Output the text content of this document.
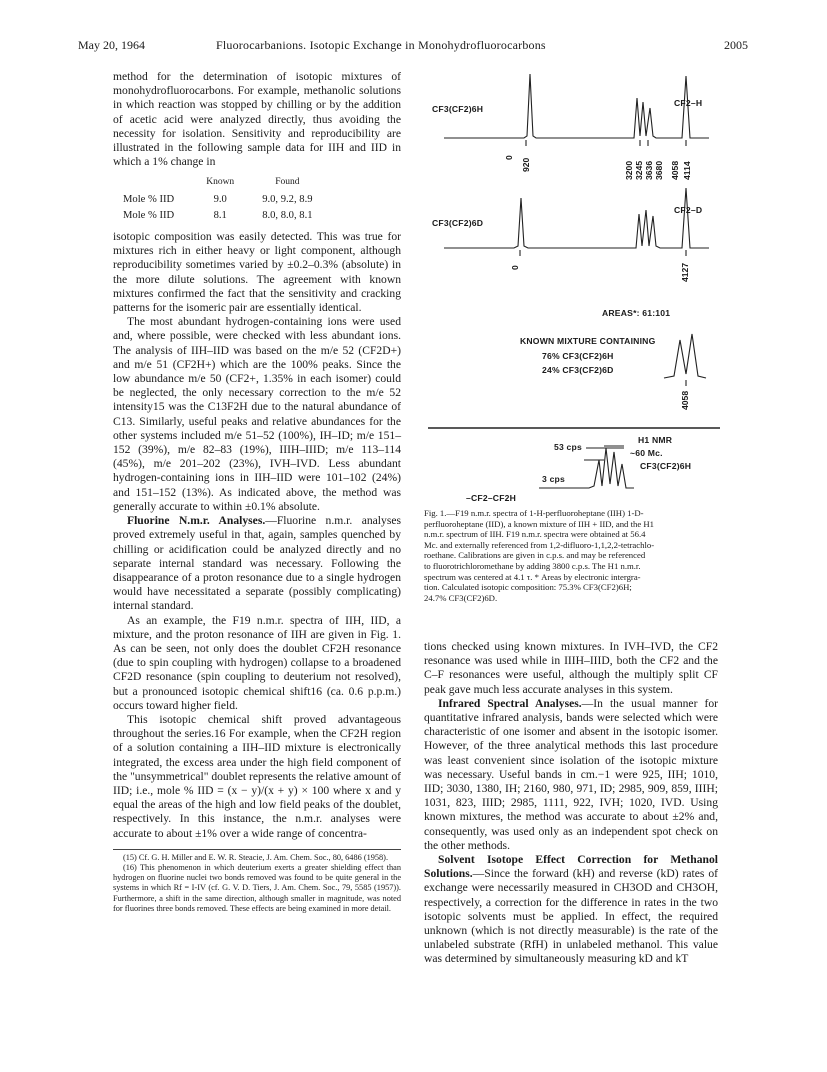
May 20, 1964	Fluorocarbanions. Isotopic Exchange in Monohydrofluorocarbons	2005

method for the determination of isotopic mixtures of monohydrofluorocarbons. For example, methanolic solutions in which reaction was stopped by chilling or by the addition of acetic acid were analyzed directly, thus avoiding the necessity for isolation. Sensitivity and reproducibility are illustrated in the following sample data for IIH and IID in which a 1% change in

	Known	Found
Mole % IID	9.0	9.0, 9.2, 8.9
Mole % IID	8.1	8.0, 8.0, 8.1

isotopic composition was easily detected. This was true for mixtures rich in either heavy or light component, although reproducibility sometimes varied by ±0.2–0.3% (absolute) in the more dilute solutions. The agreement with known mixtures confirmed the fact that the sensitivity and cracking patterns for the isomeric pair are essentially identical.

The most abundant hydrogen-containing ions were used and, where possible, were checked with less abundant ions. The analysis of IIH–IID was based on the m/e 52 (CF2D+) and m/e 51 (CF2H+) which are the 100% peaks. Since the low abundance m/e 50 (CF2+, 1.35% in each isomer) could be neglected, the only necessary correction to the m/e 52 intensity15 was the C13F2H due to the natural abundance of C13. Similarly, useful peaks and relative abundances for the other systems included m/e 51–52 (100%), IH–ID; m/e 151–152 (39%), m/e 82–83 (19%), IIIH–IIID; m/e 113–114 (45%), m/e 201–202 (23%), IVH–IVD. Less abundant hydrogen-containing ions in IIH–IID were 101–102 (24%) and 151–152 (13%). As indicated above, the method was generally accurate to within ±0.1% absolute.

Fluorine N.m.r. Analyses.—Fluorine n.m.r. analyses proved extremely useful in that, again, samples quenched by chilling or acidification could be analyzed directly and no separate internal standard was necessary. Following the disappearance of a proton resonance due to a single hydrogen would have necessitated a separate (possibly complicating) internal standard.

As an example, the F19 n.m.r. spectra of IIH, IID, a mixture, and the proton resonance of IIH are given in Fig. 1. As can be seen, not only does the doublet CF2H resonance (due to spin coupling with hydrogen) collapse to a broadened CF2D resonance (spin coupling to deuterium not resolved), but a pronounced isotopic chemical shift16 (ca. 0.6 p.p.m.) occurs toward higher field.

This isotopic chemical shift proved advantageous throughout the series.16 For example, when the CF2H region of a solution containing a IIH–IID mixture is electronically integrated, the excess area under the high field component of the "unsymmetrical" doublet represents the relative amount of IID; i.e., mole % IID = (x − y)/(x + y) × 100 where x and y equal the areas of the high and low field peaks of the doublet, respectively. In this instance, the n.m.r. analyses were accurate to about ±1% over a wide range of concentra-

(15) Cf. G. H. Miller and E. W. R. Steacie, J. Am. Chem. Soc., 80, 6486 (1958).

(16) This phenomenon in which deuterium exerts a greater shielding effect than hydrogen on fluorine nuclei two bonds removed was found to be quite general in the systems in which Rf = I-IV (cf. G. V. D. Tiers, J. Am. Chem. Soc., 79, 5585 (1957)). Furthermore, a shift in the same direction, although smaller in magnitude, was noted for fluorines three bonds removed. These effects are being examined in more detail.

CF3(CF2)6H
CF2–H
0
920	3200 3245 3636 3680 4058 4114
CF3(CF2)6D
CF2–D
0	4127
AREAS*: 61:101
KNOWN MIXTURE CONTAINING
76% CF3(CF2)6H
24% CF3(CF2)6D
4058
H1 NMR
~60 Mc.
CF3(CF2)6H
53 cps
3 cps
–CF2–CF2H
Fig. 1.—F19 n.m.r. spectra of 1-H-perfluoroheptane (IIH) 1-D-
perfluoroheptane (IID), a known mixture of IIH + IID, and the H1
n.m.r. spectrum of IIH. F19 n.m.r. spectra were obtained at 56.4
Mc. and externally referenced from 1,2-difluoro-1,1,2,2-tetrachlo-
roethane. Calibrations are given in c.p.s. and may be referenced
to fluorotrichloromethane by adding 3800 c.p.s. The H1 n.m.r.
spectrum was centered at 4.1 τ. * Areas by electronic intergra-
tion. Calculated isotopic composition: 75.3% CF3(CF2)6H;
24.7% CF3(CF2)6D.

tions checked using known mixtures. In IVH–IVD, the CF2 resonance was used while in IIIH–IIID, both the CF2 and the C–F resonances were useful, although the multiply split CF peak gave much less accurate analyses in this system.

Infrared Spectral Analyses.—In the usual manner for quantitative infrared analysis, bands were selected which were characteristic of one isomer and absent in the isotopic isomer. However, of the three analytical methods this last procedure was least convenient since isolation of the isotopic mixture was necessary. Useful bands in cm.−1 were 925, IIH; 1010, IID; 3030, 1380, IH; 2160, 980, 971, ID; 2985, 909, 859, IIIH; 1031, 823, IIID; 2985, 1111, 922, IVH; 1020, IVD. Using known mixtures, the method was accurate to about ±2% and, consequently, was used only as an independent spot check on the other methods.

Solvent Isotope Effect Correction for Methanol Solutions.—Since the forward (kH) and reverse (kD) rates of exchange were necessarily measured in CH3OD and CH3OH, respectively, a correction for the difference in rates in the two isotopic solvents must be applied. In effect, the required unknown (which is not directly measurable) is the rate of the unlabeled substrate (RfH) in unlabeled methanol. This value was determined by simultaneously measuring kD and kT
